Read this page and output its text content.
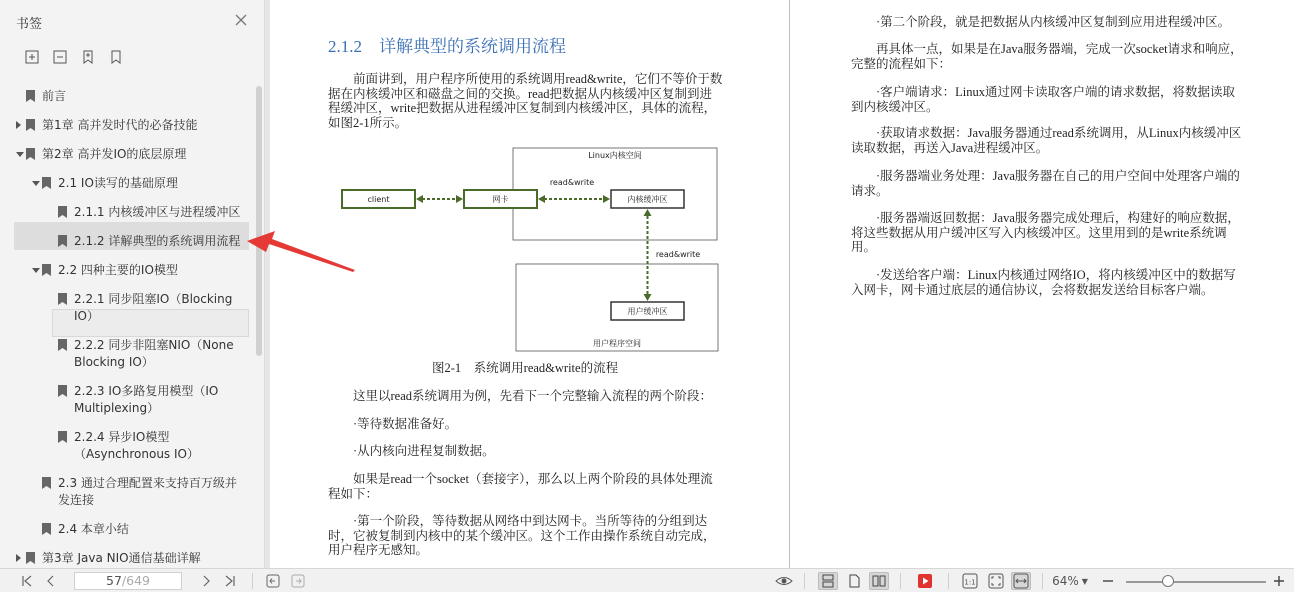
书签
前言
第1章 高并发时代的必备技能
第2章 高并发IO的底层原理
2.1 IO读写的基础原理
2.1.1 内核缓冲区与进程缓冲区
2.1.2 详解典型的系统调用流程
2.2 四种主要的IO模型
2.2.1 同步阻塞IO（Blocking IO）
2.2.2 同步非阻塞NIO（None Blocking IO）
2.2.3 IO多路复用模型（IO Multiplexing）
2.2.4 异步IO模型（Asynchronous IO）
2.3 通过合理配置来支持百万级并发连接
2.4 本章小结
第3章 Java NIO通信基础详解
2.1.2　详解典型的系统调用流程
前面讲到，用户程序所使用的系统调用read&write，它们不等价于数据在内核缓冲区和磁盘之间的交换。read把数据从内核缓冲区复制到进程缓冲区，write把数据从进程缓冲区复制到内核缓冲区，具体的流程，如图2-1所示。
Linux内核空间
client	网卡	内核缓冲区
read&write
用户缓冲区
用户程序空间
read&write
图2-1　系统调用read&write的流程
这里以read系统调用为例，先看下一个完整输入流程的两个阶段：
·等待数据准备好。
·从内核向进程复制数据。
如果是read一个socket（套接字），那么以上两个阶段的具体处理流程如下：
·第一个阶段，等待数据从网络中到达网卡。当所等待的分组到达时，它被复制到内核中的某个缓冲区。这个工作由操作系统自动完成，用户程序无感知。
·第二个阶段，就是把数据从内核缓冲区复制到应用进程缓冲区。
再具体一点，如果是在Java服务器端，完成一次socket请求和响应，完整的流程如下：
·客户端请求：Linux通过网卡读取客户端的请求数据，将数据读取到内核缓冲区。
·获取请求数据：Java服务器通过read系统调用，从Linux内核缓冲区读取数据，再送入Java进程缓冲区。
·服务器端业务处理：Java服务器在自己的用户空间中处理客户端的请求。
·服务器端返回数据：Java服务器完成处理后，构建好的响应数据，将这些数据从用户缓冲区写入内核缓冲区。这里用到的是write系统调用。
·发送给客户端：Linux内核通过网络IO，将内核缓冲区中的数据写入网卡，网卡通过底层的通信协议，会将数据发送给目标客户端。
57/649	1:1	64% ▼
